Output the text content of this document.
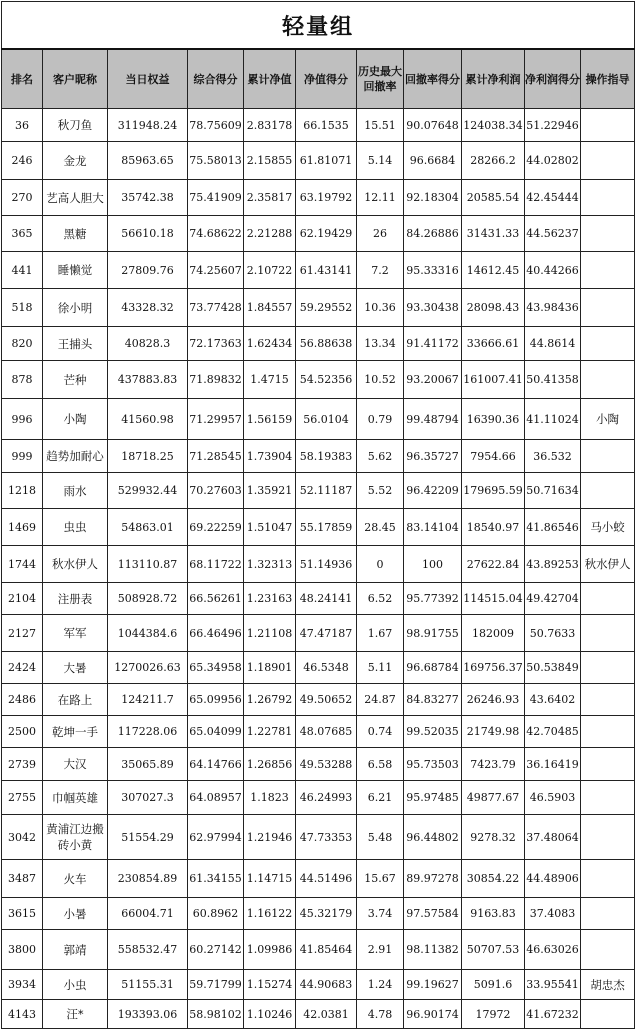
轻量组										
排名	客户昵称	当日权益	综合得分	累计净值	净值得分	历史最大回撤率	回撤率得分	累计净利润	净利润得分	操作指导
36	秋刀鱼	311948.24	78.75609	2.83178	66.1535	15.51	90.07648	124038.34	51.22946	
246	金龙	85963.65	75.58013	2.15855	61.81071	5.14	96.6684	28266.2	44.02802	
270	艺高人胆大	35742.38	75.41909	2.35817	63.19792	12.11	92.18304	20585.54	42.45444	
365	黑糖	56610.18	74.68622	2.21288	62.19429	26	84.26886	31431.33	44.56237	
441	睡懒觉	27809.76	74.25607	2.10722	61.43141	7.2	95.33316	14612.45	40.44266	
518	徐小明	43328.32	73.77428	1.84557	59.29552	10.36	93.30438	28098.43	43.98436	
820	王捕头	40828.3	72.17363	1.62434	56.88638	13.34	91.41172	33666.61	44.8614	
878	芒种	437883.83	71.89832	1.4715	54.52356	10.52	93.20067	161007.41	50.41358	
996	小陶	41560.98	71.29957	1.56159	56.0104	0.79	99.48794	16390.36	41.11024	小陶
999	趋势加耐心	18718.25	71.28545	1.73904	58.19383	5.62	96.35727	7954.66	36.532	
1218	雨水	529932.44	70.27603	1.35921	52.11187	5.52	96.42209	179695.59	50.71634	
1469	虫虫	54863.01	69.22259	1.51047	55.17859	28.45	83.14104	18540.97	41.86546	马小蛟
1744	秋水伊人	113110.87	68.11722	1.32313	51.14936	0	100	27622.84	43.89253	秋水伊人
2104	注册表	508928.72	66.56261	1.23163	48.24141	6.52	95.77392	114515.04	49.42704	
2127	军军	1044384.6	66.46496	1.21108	47.47187	1.67	98.91755	182009	50.7633	
2424	大暑	1270026.63	65.34958	1.18901	46.5348	5.11	96.68784	169756.37	50.53849	
2486	在路上	124211.7	65.09956	1.26792	49.50652	24.87	84.83277	26246.93	43.6402	
2500	乾坤一手	117228.06	65.04099	1.22781	48.07685	0.74	99.52035	21749.98	42.70485	
2739	大汉	35065.89	64.14766	1.26856	49.53288	6.58	95.73503	7423.79	36.16419	
2755	巾帼英雄	307027.3	64.08957	1.1823	46.24993	6.21	95.97485	49877.67	46.5903	
3042	黄浦江边搬砖小黄	51554.29	62.97994	1.21946	47.73353	5.48	96.44802	9278.32	37.48064	
3487	火车	230854.89	61.34155	1.14715	44.51496	15.67	89.97278	30854.22	44.48906	
3615	小暑	66004.71	60.8962	1.16122	45.32179	3.74	97.57584	9163.83	37.4083	
3800	郭靖	558532.47	60.27142	1.09986	41.85464	2.91	98.11382	50707.53	46.63026	
3934	小虫	51155.31	59.71799	1.15274	44.90683	1.24	99.19627	5091.6	33.95541	胡忠杰
4143	汪*	193393.06	58.98102	1.10246	42.0381	4.78	96.90174	17972	41.67232	
